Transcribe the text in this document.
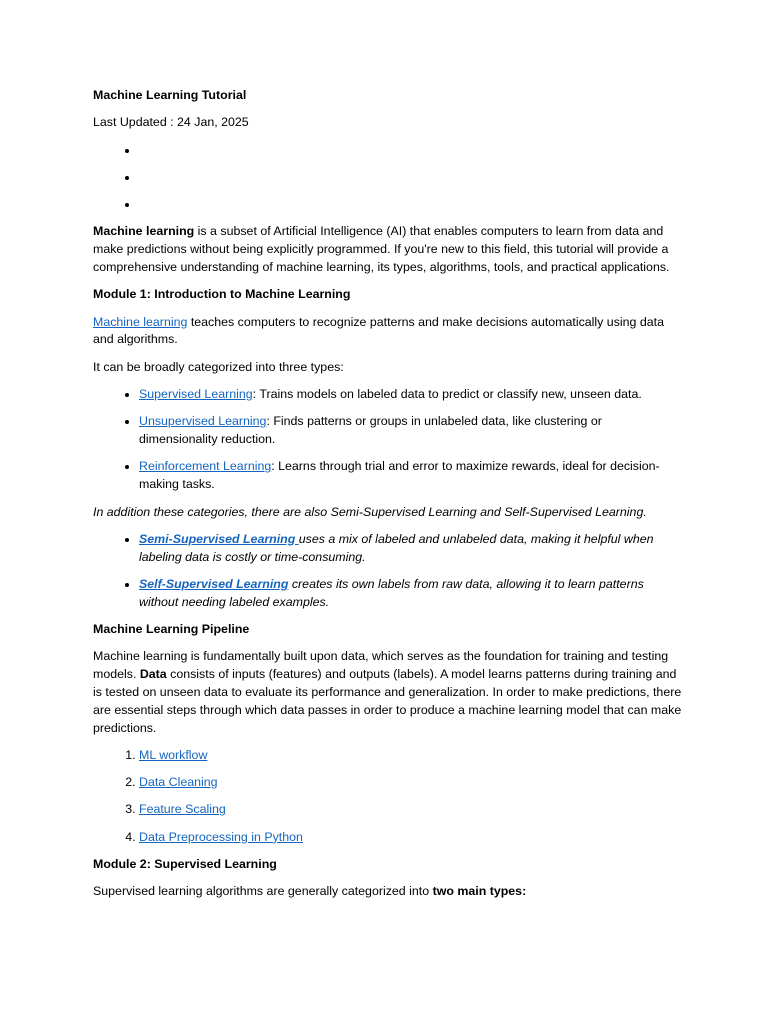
Machine Learning Tutorial

Last Updated : 24 Jan, 2025

•
•
•

Machine learning is a subset of Artificial Intelligence (AI) that enables computers to learn from data and make predictions without being explicitly programmed. If you're new to this field, this tutorial will provide a comprehensive understanding of machine learning, its types, algorithms, tools, and practical applications.

Module 1: Introduction to Machine Learning

Machine learning teaches computers to recognize patterns and make decisions automatically using data and algorithms.

It can be broadly categorized into three types:

• Supervised Learning: Trains models on labeled data to predict or classify new, unseen data.
• Unsupervised Learning: Finds patterns or groups in unlabeled data, like clustering or dimensionality reduction.
• Reinforcement Learning: Learns through trial and error to maximize rewards, ideal for decision-making tasks.

In addition these categories, there are also Semi-Supervised Learning and Self-Supervised Learning.

• Semi-Supervised Learning uses a mix of labeled and unlabeled data, making it helpful when labeling data is costly or time-consuming.
• Self-Supervised Learning creates its own labels from raw data, allowing it to learn patterns without needing labeled examples.

Machine Learning Pipeline

Machine learning is fundamentally built upon data, which serves as the foundation for training and testing models. Data consists of inputs (features) and outputs (labels). A model learns patterns during training and is tested on unseen data to evaluate its performance and generalization. In order to make predictions, there are essential steps through which data passes in order to produce a machine learning model that can make predictions.

1. ML workflow
2. Data Cleaning
3. Feature Scaling
4. Data Preprocessing in Python

Module 2: Supervised Learning

Supervised learning algorithms are generally categorized into two main types:
